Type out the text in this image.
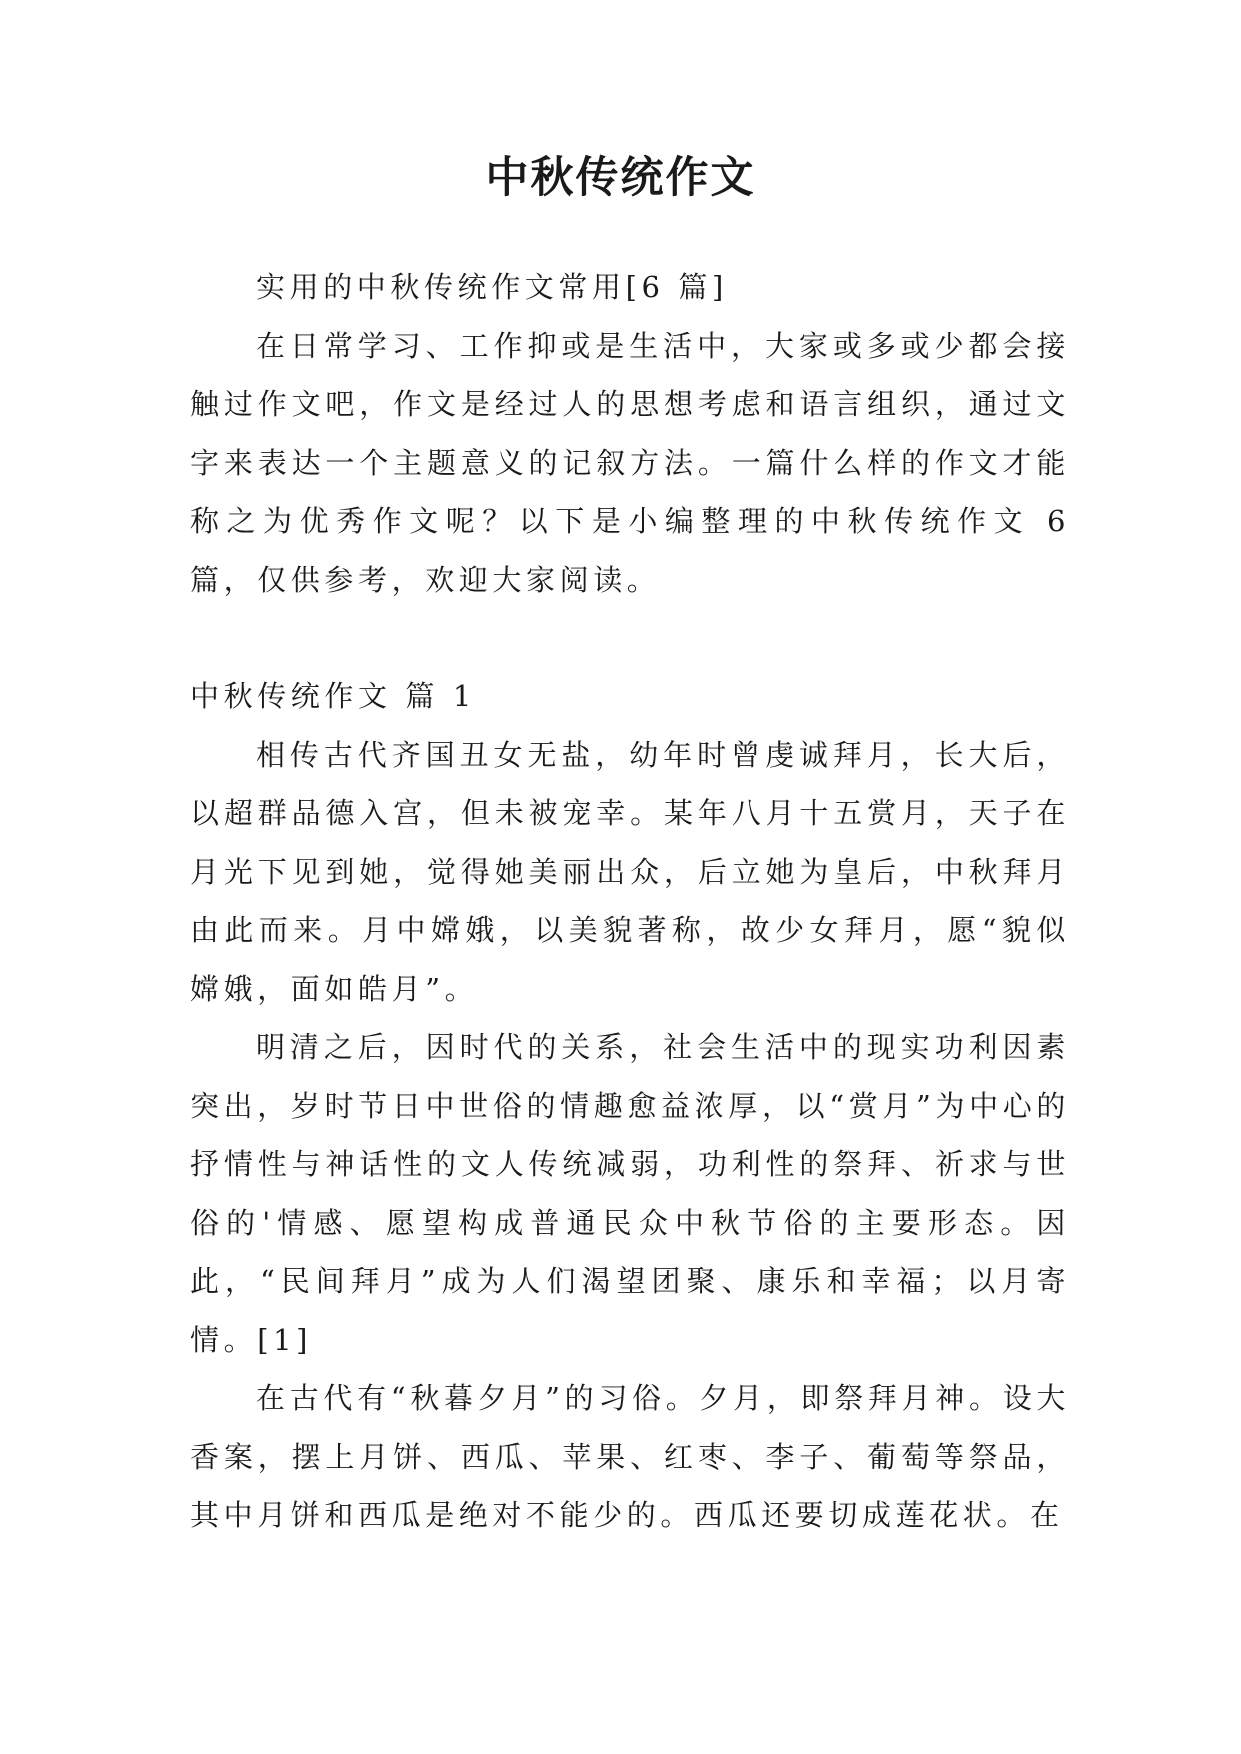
中秋传统作文

实用的中秋传统作文常用[6 篇]

在日常学习、工作抑或是生活中，大家或多或少都会接触过作文吧，作文是经过人的思想考虑和语言组织，通过文字来表达一个主题意义的记叙方法。一篇什么样的作文才能称之为优秀作文呢？以下是小编整理的中秋传统作文 6 篇，仅供参考，欢迎大家阅读。

中秋传统作文 篇 1

相传古代齐国丑女无盐，幼年时曾虔诚拜月，长大后，以超群品德入宫，但未被宠幸。某年八月十五赏月，天子在月光下见到她，觉得她美丽出众，后立她为皇后，中秋拜月由此而来。月中嫦娥，以美貌著称，故少女拜月，愿“貌似嫦娥，面如皓月”。

明清之后，因时代的关系，社会生活中的现实功利因素突出，岁时节日中世俗的情趣愈益浓厚，以“赏月”为中心的抒情性与神话性的文人传统减弱，功利性的祭拜、祈求与世俗的'情感、愿望构成普通民众中秋节俗的主要形态。因此，“民间拜月”成为人们渴望团聚、康乐和幸福；以月寄情。[1]

在古代有“秋暮夕月”的习俗。夕月，即祭拜月神。设大香案，摆上月饼、西瓜、苹果、红枣、李子、葡萄等祭品，其中月饼和西瓜是绝对不能少的。西瓜还要切成莲花状。在
